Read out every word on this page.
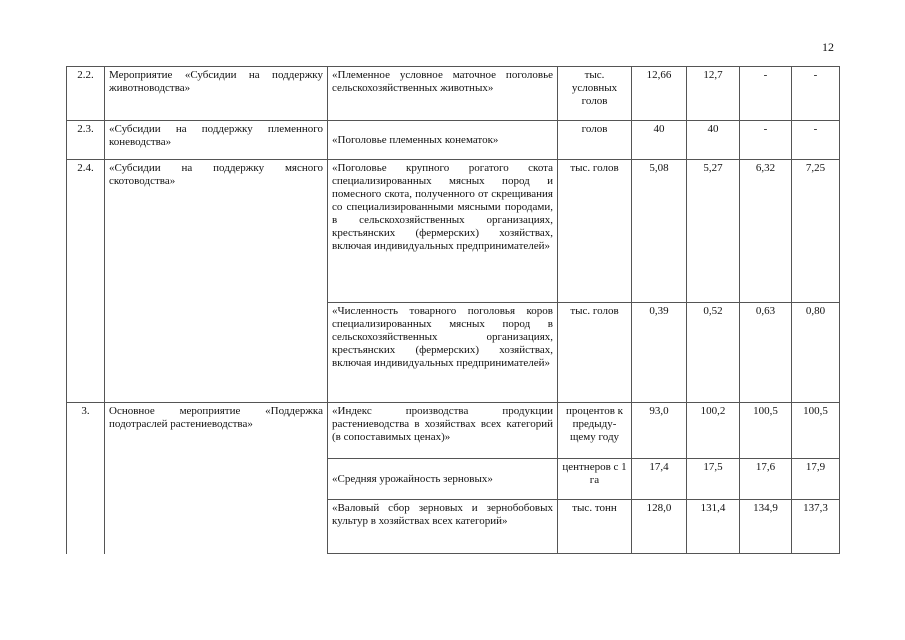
12
2.2.	Мероприятие «Субсидии на поддержку животноводства»	«Племенное условное маточное поголовье сельскохозяйственных животных»	тыс. условных голов	12,66	12,7	-	-
2.3.	«Субсидии на поддержку племенного коневодства»	«Поголовье племенных конематок»	голов	40	40	-	-
2.4.	«Субсидии на поддержку мясного скотоводства»	«Поголовье крупного рогатого скота специализированных мясных пород и помесного скота, полученного от скрещивания со специализированными мясными породами, в сельскохозяйственных организациях, крестьянских (фермерских) хозяйствах, включая индивидуальных предпринимателей»	тыс. голов	5,08	5,27	6,32	7,25
		«Численность товарного поголовья коров специализированных мясных пород в сельскохозяйственных организациях, крестьянских (фермерских) хозяйствах, включая индивидуальных предпринимателей»	тыс. голов	0,39	0,52	0,63	0,80
3.	Основное мероприятие «Поддержка подотраслей растениеводства»	«Индекс производства продукции растениеводства в хозяйствах всех категорий (в сопоставимых ценах)»	процентов к предыду-щему году	93,0	100,2	100,5	100,5
		«Средняя урожайность зерновых»	центнеров с 1 га	17,4	17,5	17,6	17,9
		«Валовый сбор зерновых и зернобобовых культур в хозяйствах всех категорий»	тыс. тонн	128,0	131,4	134,9	137,3
